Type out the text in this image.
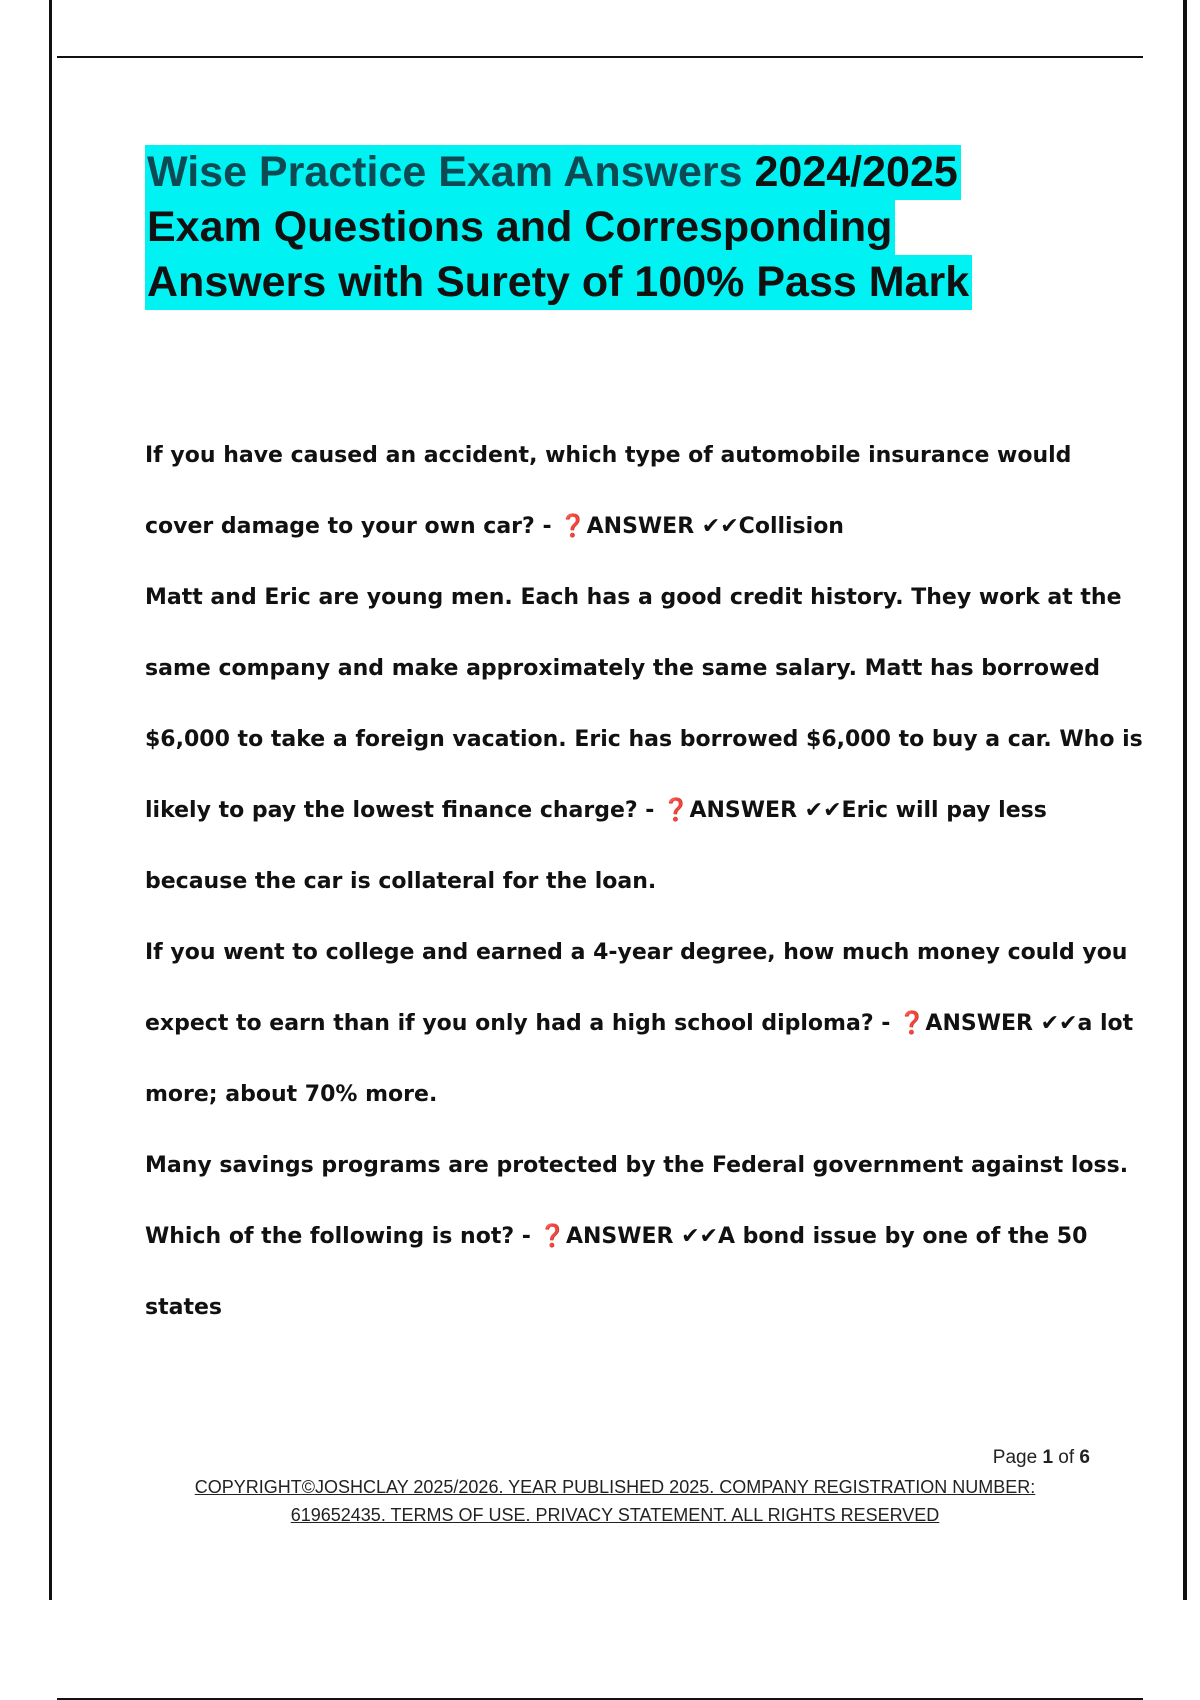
Wise Practice Exam Answers 2024/2025
Exam Questions and Corresponding
Answers with Surety of 100% Pass Mark
If you have caused an accident, which type of automobile insurance would
cover damage to your own car? - ❓ANSWER ✔✔Collision
Matt and Eric are young men. Each has a good credit history. They work at the
same company and make approximately the same salary. Matt has borrowed
$6,000 to take a foreign vacation. Eric has borrowed $6,000 to buy a car. Who is
likely to pay the lowest finance charge? - ❓ANSWER ✔✔Eric will pay less
because the car is collateral for the loan.
If you went to college and earned a 4-year degree, how much money could you
expect to earn than if you only had a high school diploma? - ❓ANSWER ✔✔a lot
more; about 70% more.
Many savings programs are protected by the Federal government against loss.
Which of the following is not? - ❓ANSWER ✔✔A bond issue by one of the 50
states
Page 1 of 6
COPYRIGHT©JOSHCLAY 2025/2026. YEAR PUBLISHED 2025. COMPANY REGISTRATION NUMBER:
619652435. TERMS OF USE. PRIVACY STATEMENT. ALL RIGHTS RESERVED
